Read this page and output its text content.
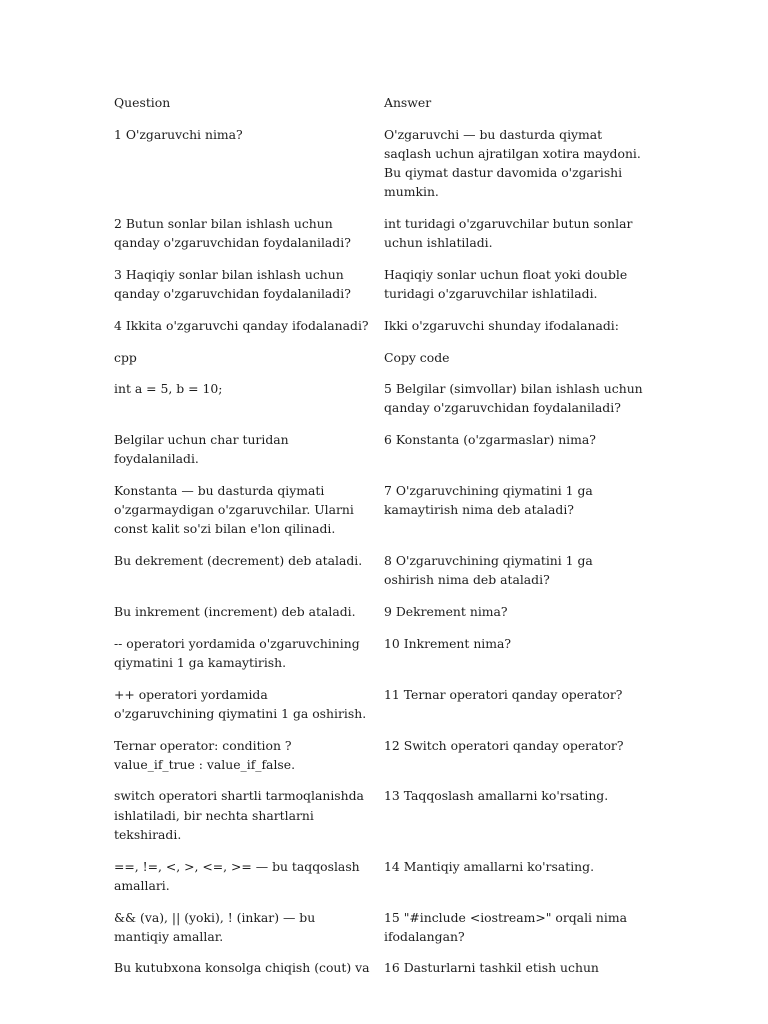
Question	Answer

1 O'zgaruvchi nima?	O'zgaruvchi — bu dasturda qiymat saqlash uchun ajratilgan xotira maydoni. Bu qiymat dastur davomida o'zgarishi mumkin.

2 Butun sonlar bilan ishlash uchun qanday o'zgaruvchidan foydalaniladi?	int turidagi o'zgaruvchilar butun sonlar uchun ishlatiladi.

3 Haqiqiy sonlar bilan ishlash uchun qanday o'zgaruvchidan foydalaniladi?	Haqiqiy sonlar uchun float yoki double turidagi o'zgaruvchilar ishlatiladi.

4 Ikkita o'zgaruvchi qanday ifodalanadi?	Ikki o'zgaruvchi shunday ifodalanadi:

cpp	Copy code

int a = 5, b = 10;	5 Belgilar (simvollar) bilan ishlash uchun qanday o'zgaruvchidan foydalaniladi?

Belgilar uchun char turidan foydalaniladi.	6 Konstanta (o'zgarmaslar) nima?

Konstanta — bu dasturda qiymati o'zgarmaydigan o'zgaruvchilar. Ularni const kalit so'zi bilan e'lon qilinadi.	7 O'zgaruvchining qiymatini 1 ga kamaytirish nima deb ataladi?

Bu dekrement (decrement) deb ataladi.	8 O'zgaruvchining qiymatini 1 ga oshirish nima deb ataladi?

Bu inkrement (increment) deb ataladi.	9 Dekrement nima?

-- operatori yordamida o'zgaruvchining qiymatini 1 ga kamaytirish.	10 Inkrement nima?

++ operatori yordamida o'zgaruvchining qiymatini 1 ga oshirish.	11 Ternar operatori qanday operator?

Ternar operator: condition ? value_if_true : value_if_false.	12 Switch operatori qanday operator?

switch operatori shartli tarmoqlanishda ishlatiladi, bir nechta shartlarni tekshiradi.	13 Taqqoslash amallarni ko'rsating.

==, !=, <, >, <=, >= — bu taqqoslash amallari.	14 Mantiqiy amallarni ko'rsating.

&& (va), || (yoki), ! (inkar) — bu mantiqiy amallar.	15 "#include <iostream>" orqali nima ifodalangan?

Bu kutubxona konsolga chiqish (cout) va	16 Dasturlarni tashkil etish uchun
